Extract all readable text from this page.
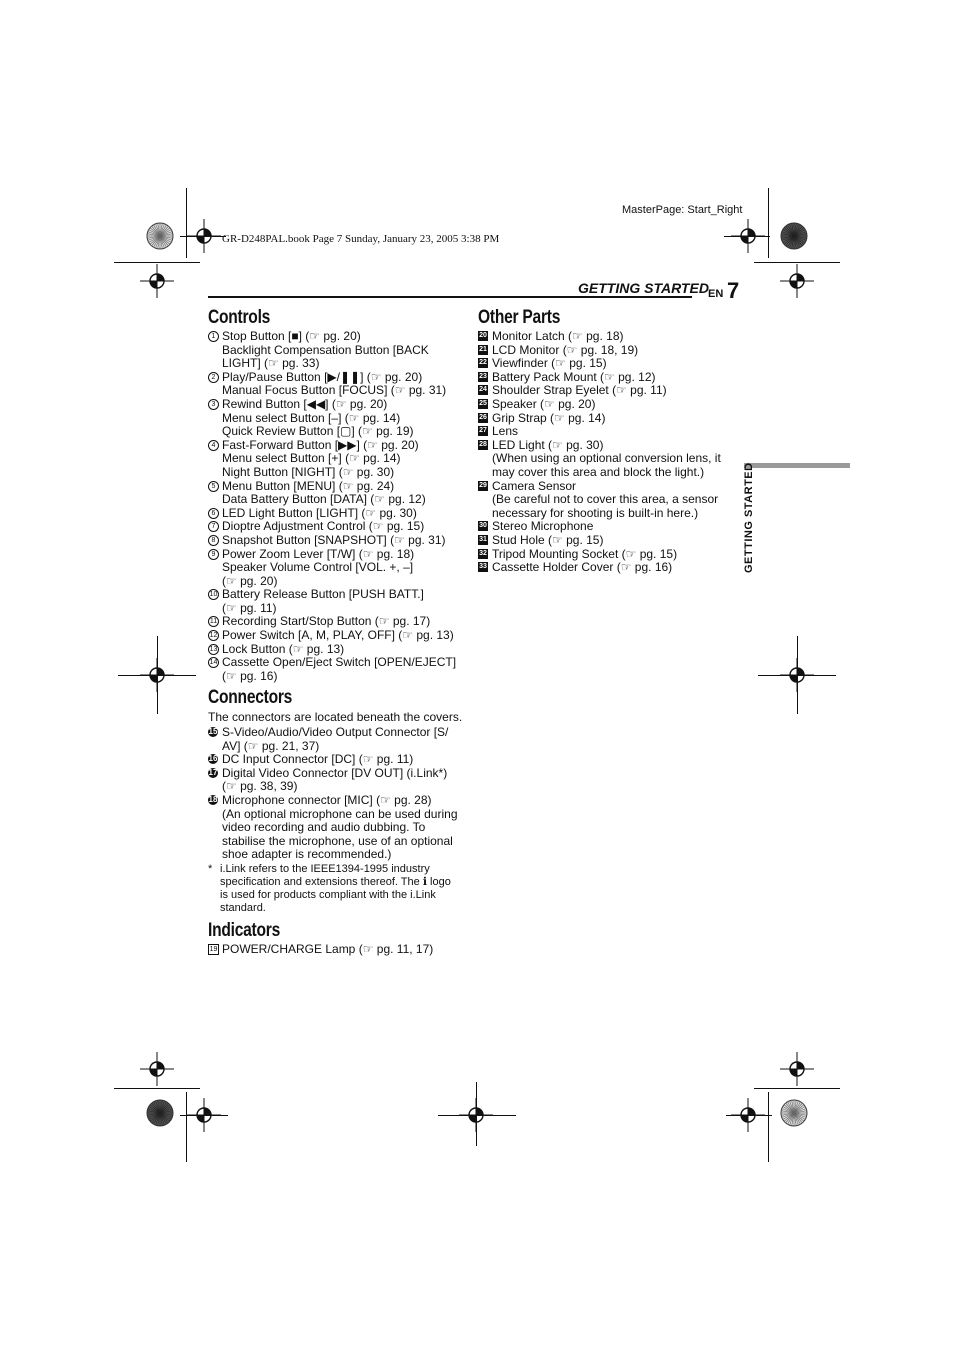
GR-D248PAL.book Page 7 Sunday, January 23, 2005 3:38 PM
MasterPage: Start_Right
GETTING STARTED EN 7
GETTING STARTED
Controls
1 Stop Button [■] (☞ pg. 20)
Backlight Compensation Button [BACK
LIGHT] (☞ pg. 33)
2 Play/Pause Button [▶/❚❚] (☞ pg. 20)
Manual Focus Button [FOCUS] (☞ pg. 31)
3 Rewind Button [◀◀] (☞ pg. 20)
Menu select Button [–] (☞ pg. 14)
Quick Review Button [▢] (☞ pg. 19)
4 Fast-Forward Button [▶▶] (☞ pg. 20)
Menu select Button [+] (☞ pg. 14)
Night Button [NIGHT] (☞ pg. 30)
5 Menu Button [MENU] (☞ pg. 24)
Data Battery Button [DATA] (☞ pg. 12)
6 LED Light Button [LIGHT] (☞ pg. 30)
7 Dioptre Adjustment Control (☞ pg. 15)
8 Snapshot Button [SNAPSHOT] (☞ pg. 31)
9 Power Zoom Lever [T/W] (☞ pg. 18)
Speaker Volume Control [VOL. +, –]
(☞ pg. 20)
10 Battery Release Button [PUSH BATT.]
(☞ pg. 11)
11 Recording Start/Stop Button (☞ pg. 17)
12 Power Switch [A, M, PLAY, OFF] (☞ pg. 13)
13 Lock Button (☞ pg. 13)
14 Cassette Open/Eject Switch [OPEN/EJECT]
(☞ pg. 16)
Connectors
The connectors are located beneath the covers.
15 S-Video/Audio/Video Output Connector [S/
AV] (☞ pg. 21, 37)
16 DC Input Connector [DC] (☞ pg. 11)
17 Digital Video Connector [DV OUT] (i.Link*)
(☞ pg. 38, 39)
18 Microphone connector [MIC] (☞ pg. 28)
(An optional microphone can be used during
video recording and audio dubbing. To
stabilise the microphone, use of an optional
shoe adapter is recommended.)
* i.Link refers to the IEEE1394-1995 industry
specification and extensions thereof. The ℹ logo
is used for products compliant with the i.Link
standard.
Indicators
19 POWER/CHARGE Lamp (☞ pg. 11, 17)
Other Parts
20 Monitor Latch (☞ pg. 18)
21 LCD Monitor (☞ pg. 18, 19)
22 Viewfinder (☞ pg. 15)
23 Battery Pack Mount (☞ pg. 12)
24 Shoulder Strap Eyelet (☞ pg. 11)
25 Speaker (☞ pg. 20)
26 Grip Strap (☞ pg. 14)
27 Lens
28 LED Light (☞ pg. 30)
(When using an optional conversion lens, it
may cover this area and block the light.)
29 Camera Sensor
(Be careful not to cover this area, a sensor
necessary for shooting is built-in here.)
30 Stereo Microphone
31 Stud Hole (☞ pg. 15)
32 Tripod Mounting Socket (☞ pg. 15)
33 Cassette Holder Cover (☞ pg. 16)
